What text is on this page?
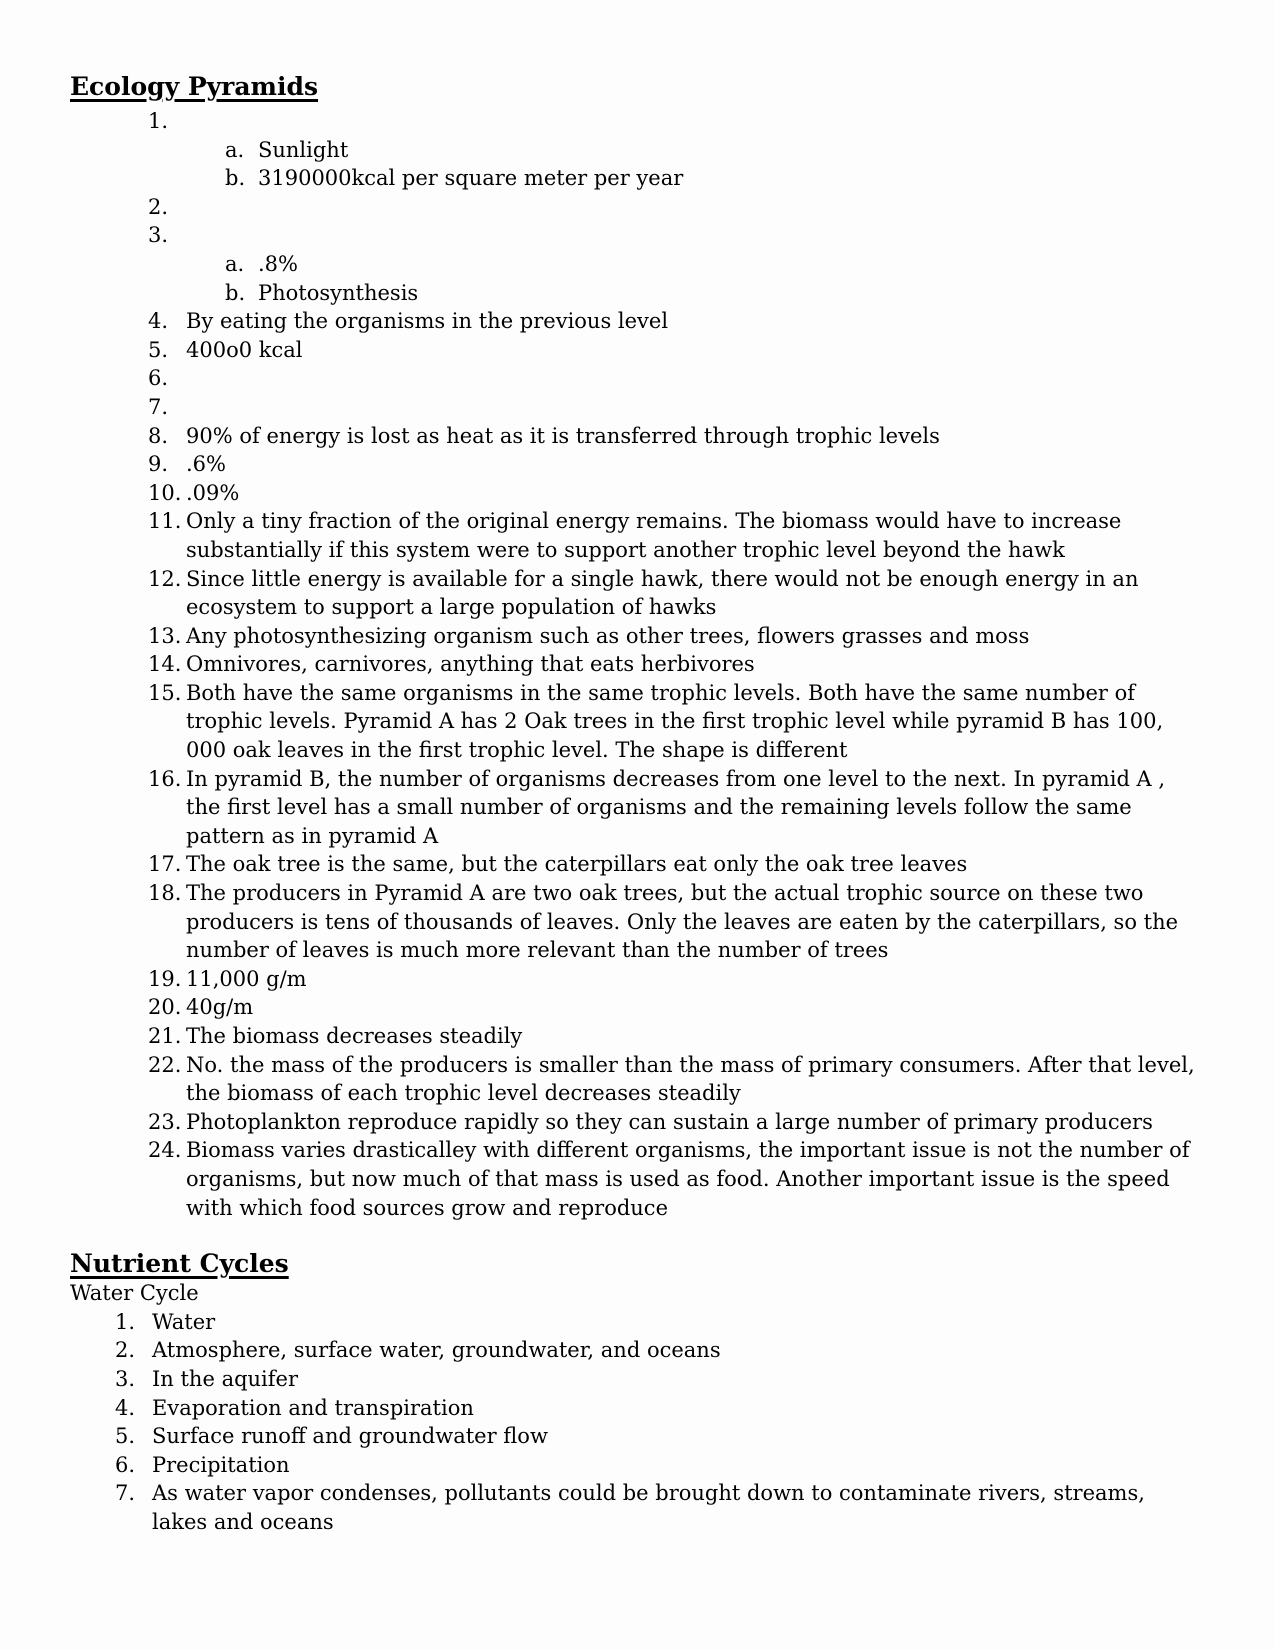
Ecology Pyramids
1.
a. Sunlight
b. 3190000kcal per square meter per year
2.
3.
a. .8%
b. Photosynthesis
4. By eating the organisms in the previous level
5. 400o0 kcal
6.
7.
8. 90% of energy is lost as heat as it is transferred through trophic levels
9. .6%
10. .09%
11. Only a tiny fraction of the original energy remains. The biomass would have to increase substantially if this system were to support another trophic level beyond the hawk
12. Since little energy is available for a single hawk, there would not be enough energy in an ecosystem to support a large population of hawks
13. Any photosynthesizing organism such as other trees, flowers grasses and moss
14. Omnivores, carnivores, anything that eats herbivores
15. Both have the same organisms in the same trophic levels. Both have the same number of trophic levels. Pyramid A has 2 Oak trees in the first trophic level while pyramid B has 100, 000 oak leaves in the first trophic level. The shape is different
16. In pyramid B, the number of organisms decreases from one level to the next. In pyramid A , the first level has a small number of organisms and the remaining levels follow the same pattern as in pyramid A
17. The oak tree is the same, but the caterpillars eat only the oak tree leaves
18. The producers in Pyramid A are two oak trees, but the actual trophic source on these two producers is tens of thousands of leaves. Only the leaves are eaten by the caterpillars, so the number of leaves is much more relevant than the number of trees
19. 11,000 g/m
20. 40g/m
21. The biomass decreases steadily
22. No. the mass of the producers is smaller than the mass of primary consumers. After that level, the biomass of each trophic level decreases steadily
23. Photoplankton reproduce rapidly so they can sustain a large number of primary producers
24. Biomass varies drasticalley with different organisms, the important issue is not the number of organisms, but now much of that mass is used as food. Another important issue is the speed with which food sources grow and reproduce
Nutrient Cycles
Water Cycle
1. Water
2. Atmosphere, surface water, groundwater, and oceans
3. In the aquifer
4. Evaporation and transpiration
5. Surface runoff and groundwater flow
6. Precipitation
7. As water vapor condenses, pollutants could be brought down to contaminate rivers, streams, lakes and oceans
